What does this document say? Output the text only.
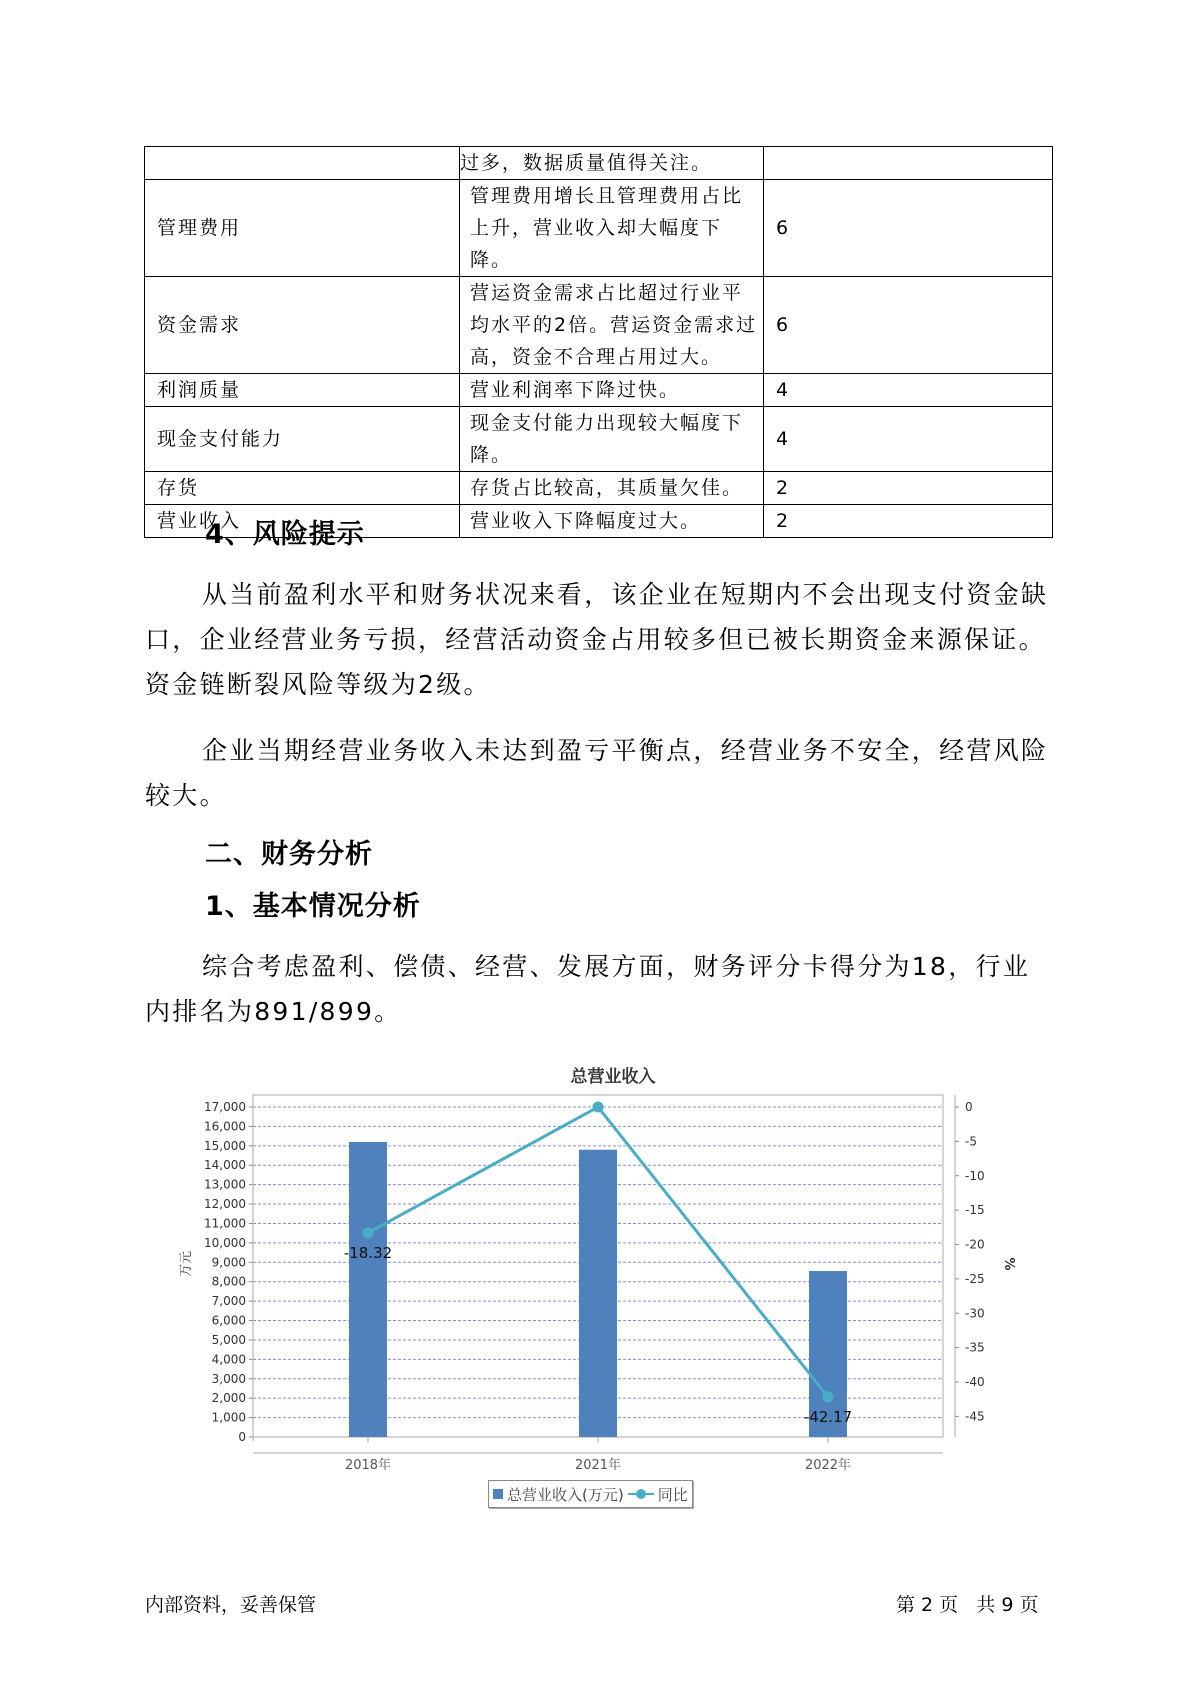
	过多，数据质量值得关注。	

管理费用	管理费用增长且管理费用占比上升，营业收入却大幅度下降。	6
资金需求	营运资金需求占比超过行业平均水平的2倍。营运资金需求过高，资金不合理占用过大。	6
利润质量	营业利润率下降过快。	4
现金支付能力	现金支付能力出现较大幅度下降。	4
存货	存货占比较高，其质量欠佳。	2
营业收入	营业收入下降幅度过大。	2
4、风险提示

从当前盈利水平和财务状况来看，该企业在短期内不会出现支付资金缺口，企业经营业务亏损，经营活动资金占用较多但已被长期资金来源保证。资金链断裂风险等级为2级。

企业当期经营业务收入未达到盈亏平衡点，经营业务不安全，经营风险较大。

二、财务分析
1、基本情况分析

综合考虑盈利、偿债、经营、发展方面，财务评分卡得分为18，行业内排名为891/899。

总营业收入
0
1,000
2,000
3,000
4,000
5,000
6,000
7,000
8,000
9,000
10,000
11,000
12,000
13,000
14,000
15,000
16,000
17,000	0
-5
-10
-15
-20
-25
-30
-35
-40
-45
万元	%
2018年	2021年	2022年
-18.32
-42.17
总营业收入(万元) 同比
内部资料，妥善保管	第 2 页   共 9 页
